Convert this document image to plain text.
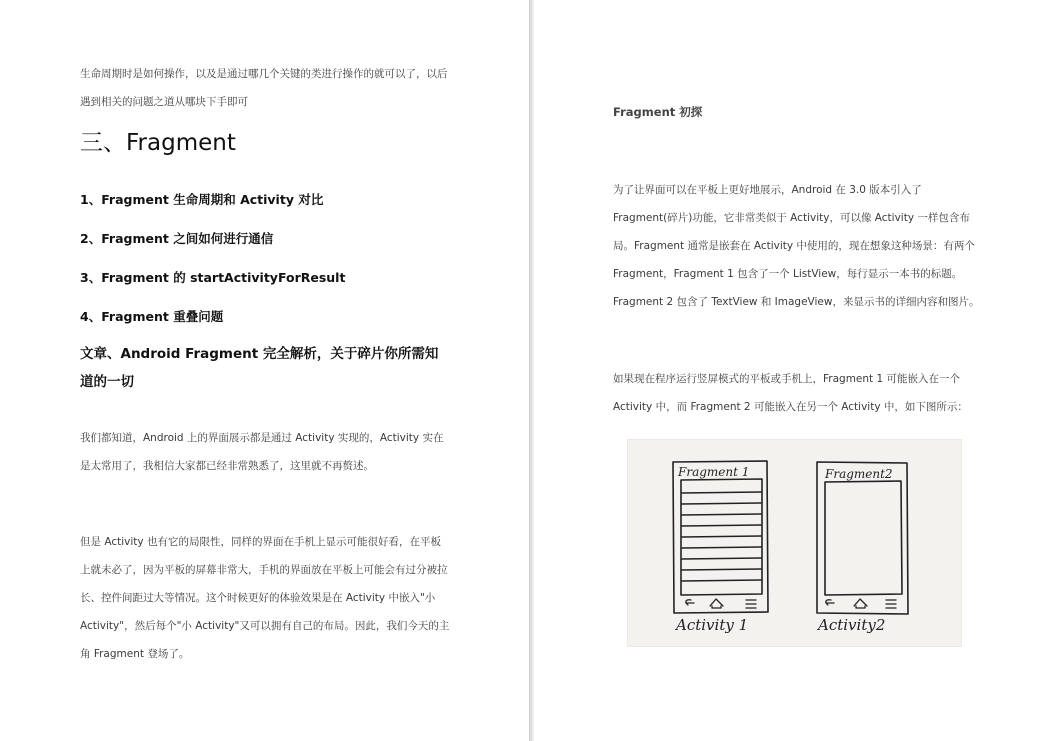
生命周期时是如何操作，以及是通过哪几个关键的类进行操作的就可以了，以后遇到相关的问题之道从哪块下手即可

三、Fragment

1、Fragment 生命周期和 Activity 对比

2、Fragment 之间如何进行通信

3、Fragment 的 startActivityForResult

4、Fragment 重叠问题

文章、Android Fragment 完全解析，关于碎片你所需知道的一切

我们都知道，Android 上的界面展示都是通过 Activity 实现的，Activity 实在是太常用了，我相信大家都已经非常熟悉了，这里就不再赘述。

但是 Activity 也有它的局限性，同样的界面在手机上显示可能很好看，在平板上就未必了，因为平板的屏幕非常大，手机的界面放在平板上可能会有过分被拉长、控件间距过大等情况。这个时候更好的体验效果是在 Activity 中嵌入"小 Activity"，然后每个"小 Activity"又可以拥有自己的布局。因此，我们今天的主角 Fragment 登场了。

Fragment 初探

为了让界面可以在平板上更好地展示，Android 在 3.0 版本引入了 Fragment(碎片)功能，它非常类似于 Activity，可以像 Activity 一样包含布局。Fragment 通常是嵌套在 Activity 中使用的，现在想象这种场景：有两个 Fragment，Fragment 1 包含了一个 ListView，每行显示一本书的标题。Fragment 2 包含了 TextView 和 ImageView，来显示书的详细内容和图片。

如果现在程序运行竖屏模式的平板或手机上，Fragment 1 可能嵌入在一个 Activity 中，而 Fragment 2 可能嵌入在另一个 Activity 中，如下图所示：

Fragment 1	Fragment2
Activity 1	Activity2
